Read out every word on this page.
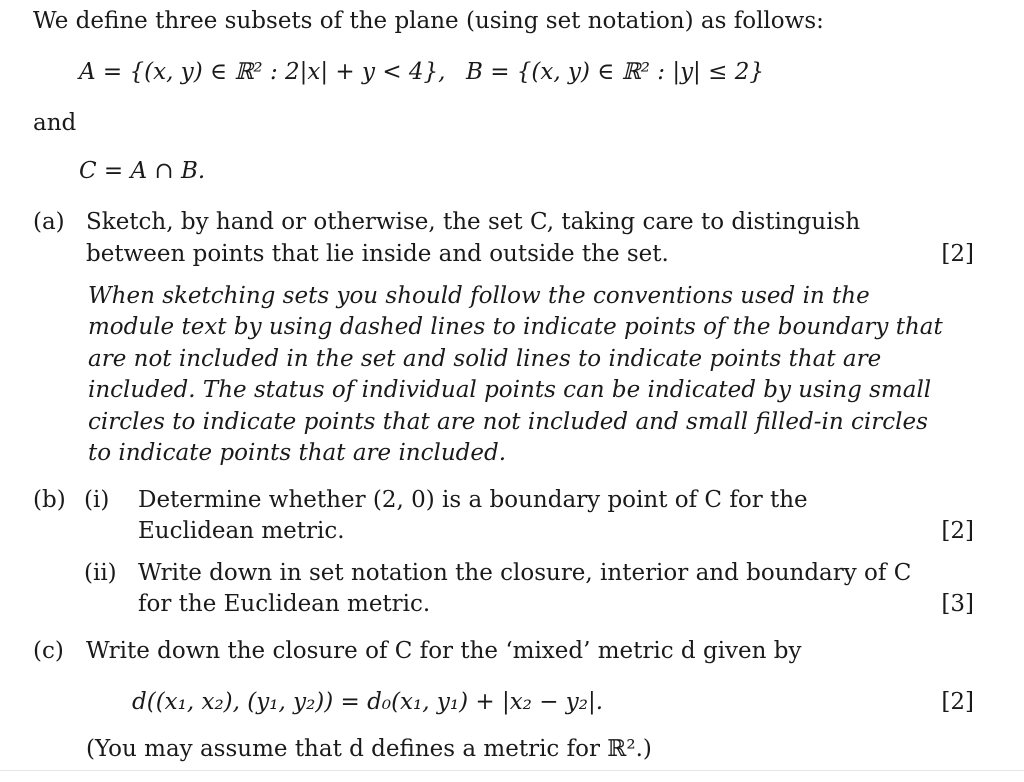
We define three subsets of the plane (using set notation) as follows:
A = {(x, y) ∈ ℝ² : 2|x| + y < 4}, B = {(x, y) ∈ ℝ² : |y| ≤ 2}
and
C = A ∩ B.
(a) Sketch, by hand or otherwise, the set C, taking care to distinguish
between points that lie inside and outside the set.	[2]
When sketching sets you should follow the conventions used in the
module text by using dashed lines to indicate points of the boundary that
are not included in the set and solid lines to indicate points that are
included. The status of individual points can be indicated by using small
circles to indicate points that are not included and small filled-in circles
to indicate points that are included.
(b) (i) Determine whether (2, 0) is a boundary point of C for the
Euclidean metric.	[2]
(ii) Write down in set notation the closure, interior and boundary of C
for the Euclidean metric.	[3]
(c) Write down the closure of C for the ‘mixed’ metric d given by
d((x₁, x₂), (y₁, y₂)) = d₀(x₁, y₁) + |x₂ − y₂|.	[2]
(You may assume that d defines a metric for ℝ².)
